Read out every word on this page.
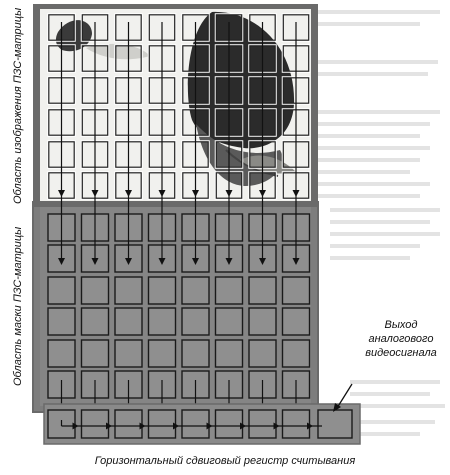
Область изображения ПЗС-матрицы
Область маски ПЗС-матрицы	Выход
аналогового
видеосигнала
Горизонтальный сдвиговый регистр считывания
